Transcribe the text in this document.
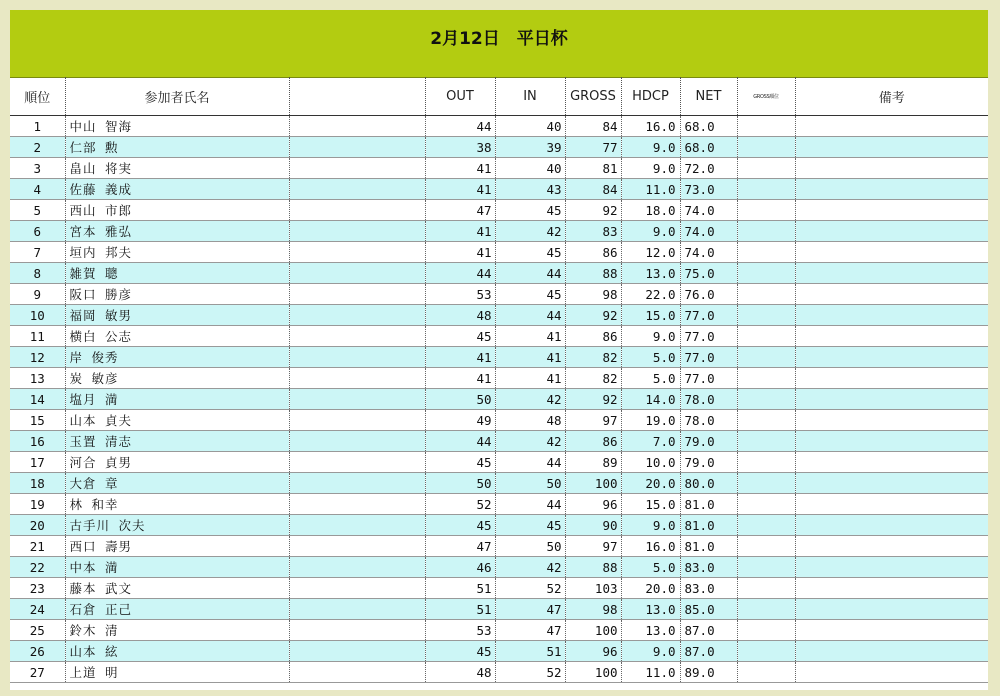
2月12日　平日杯
順位	参加者氏名		OUT	IN	GROSS	HDCP	NET	GROSS順位	備考
1	中山 智海		44	40	84	16.0	68.0		
2	仁部 勲		38	39	77	9.0	68.0		
3	畠山 将実		41	40	81	9.0	72.0		
4	佐藤 義成		41	43	84	11.0	73.0		
5	西山 市郎		47	45	92	18.0	74.0		
6	宮本 雅弘		41	42	83	9.0	74.0		
7	垣内 邦夫		41	45	86	12.0	74.0		
8	雑賀 聰		44	44	88	13.0	75.0		
9	阪口 勝彦		53	45	98	22.0	76.0		
10	福岡 敏男		48	44	92	15.0	77.0		
11	横白 公志		45	41	86	9.0	77.0		
12	岸 俊秀		41	41	82	5.0	77.0		
13	炭 敏彦		41	41	82	5.0	77.0		
14	塩月 満		50	42	92	14.0	78.0		
15	山本 貞夫		49	48	97	19.0	78.0		
16	玉置 清志		44	42	86	7.0	79.0		
17	河合 貞男		45	44	89	10.0	79.0		
18	大倉 章		50	50	100	20.0	80.0		
19	林 和幸		52	44	96	15.0	81.0		
20	古手川 次夫		45	45	90	9.0	81.0		
21	西口 壽男		47	50	97	16.0	81.0		
22	中本 満		46	42	88	5.0	83.0		
23	藤本 武文		51	52	103	20.0	83.0		
24	石倉 正己		51	47	98	13.0	85.0		
25	鈴木 清		53	47	100	13.0	87.0		
26	山本 絃		45	51	96	9.0	87.0		
27	上道 明		48	52	100	11.0	89.0		
